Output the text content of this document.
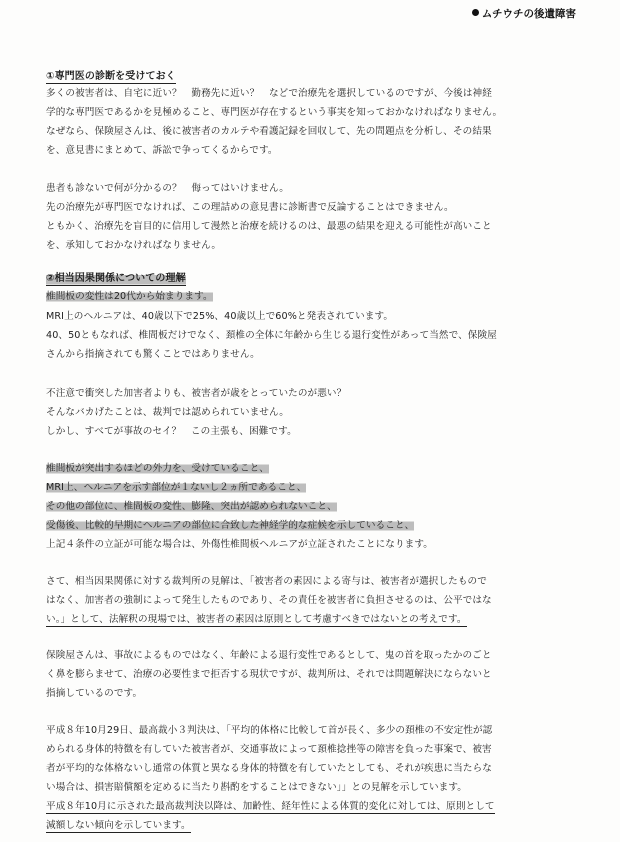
ムチウチの後遺障害
①専門医の診断を受けておく
多くの被害者は、自宅に近い？　勤務先に近い？　などで治療先を選択しているのですが、今後は神経
学的な専門医であるかを見極めること、専門医が存在するという事実を知っておかなければなりません。
なぜなら、保険屋さんは、後に被害者のカルテや看護記録を回収して、先の問題点を分析し、その結果
を、意見書にまとめて、訴訟で争ってくるからです。
患者も診ないで何が分かるの？　侮ってはいけません。
先の治療先が専門医でなければ、この理詰めの意見書に診断書で反論することはできません。
ともかく、治療先を盲目的に信用して漫然と治療を続けるのは、最悪の結果を迎える可能性が高いこと
を、承知しておかなければなりません。
②相当因果関係についての理解
椎間板の変性は20代から始まります。
MRI上のヘルニアは、40歳以下で25%、40歳以上で60%と発表されています。
40、50ともなれば、椎間板だけでなく、頚椎の全体に年齢から生じる退行変性があって当然で、保険屋
さんから指摘されても驚くことではありません。
不注意で衝突した加害者よりも、被害者が歳をとっていたのが悪い？
そんなバカげたことは、裁判では認められていません。
しかし、すべてが事故のセイ？　この主張も、困難です。
椎間板が突出するほどの外力を、受けていること、
MRI上、ヘルニアを示す部位が１ないし２ヵ所であること、
その他の部位に、椎間板の変性、膨隆、突出が認められないこと、
受傷後、比較的早期にヘルニアの部位に合致した神経学的な症候を示していること、
上記４条件の立証が可能な場合は、外傷性椎間板ヘルニアが立証されたことになります。
さて、相当因果関係に対する裁判所の見解は、「被害者の素因による寄与は、被害者が選択したもので
はなく、加害者の強制によって発生したものであり、その責任を被害者に負担させるのは、公平ではな
い。」として、法解釈の現場では、被害者の素因は原則として考慮すべきではないとの考えです。
保険屋さんは、事故によるものではなく、年齢による退行変性であるとして、鬼の首を取ったかのごと
く鼻を膨らませて、治療の必要性まで拒否する現状ですが、裁判所は、それでは問題解決にならないと
指摘しているのです。
平成８年10月29日、最高裁小３判決は、「平均的体格に比較して首が長く、多少の頚椎の不安定性が認
められる身体的特徴を有していた被害者が、交通事故によって頚椎捻挫等の障害を負った事案で、被害
者が平均的な体格ないし通常の体質と異なる身体的特徴を有していたとしても、それが疾患に当たらな
い場合は、損害賠償額を定めるに当たり斟酌をすることはできない」」との見解を示しています。
平成８年10月に示された最高裁判決以降は、加齢性、経年性による体質的変化に対しては、原則として
減額しない傾向を示しています。
